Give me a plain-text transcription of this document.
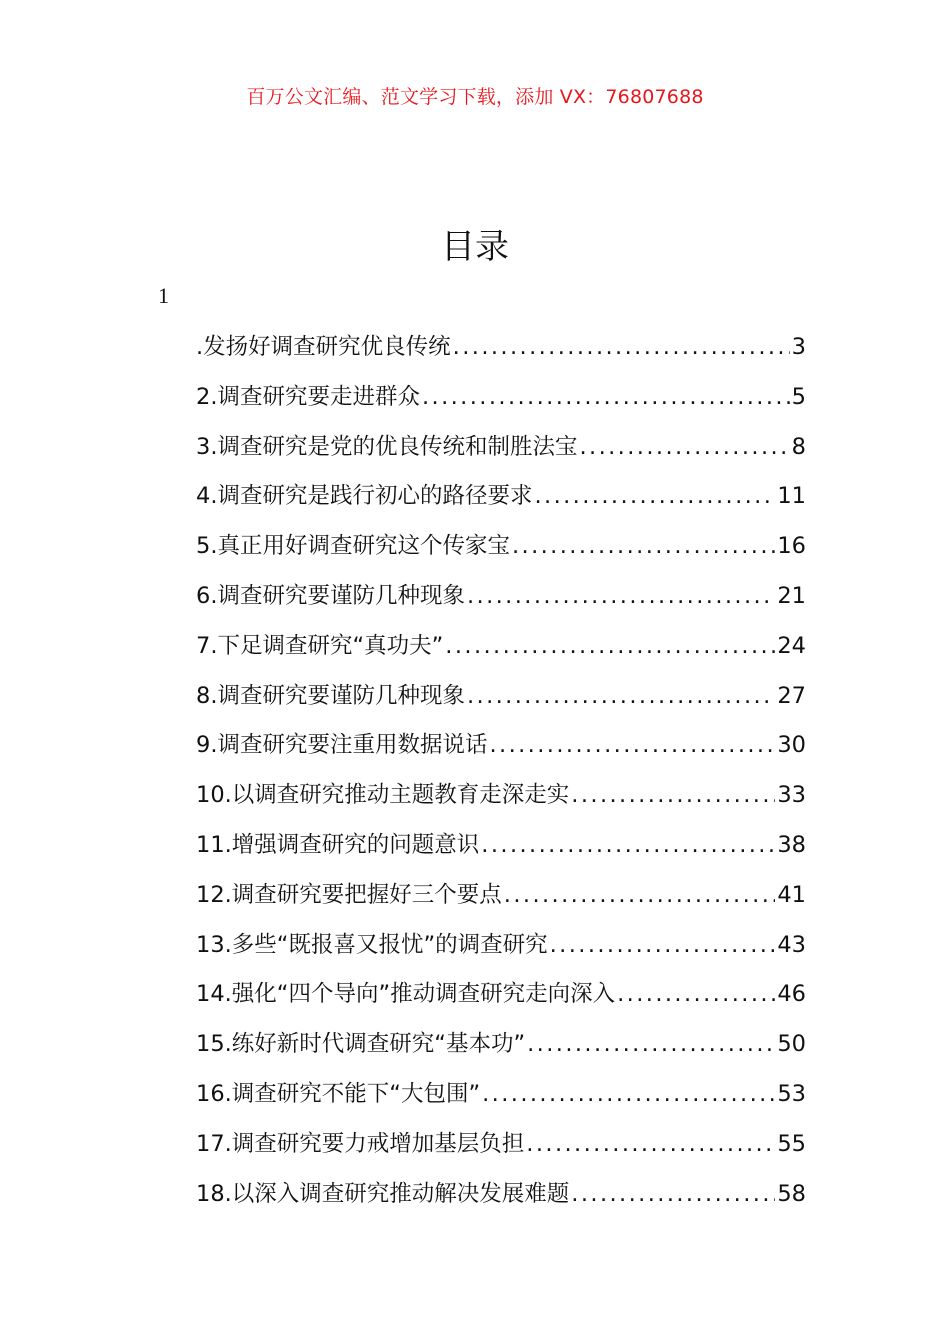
百万公文汇编、范文学习下载，添加 VX：76807688
目录
1
.发扬好调查研究优良传统 .....	3
2.调查研究要走进群众 .....	5
3.调查研究是党的优良传统和制胜法宝 .....	8
4.调查研究是践行初心的路径要求 .....	11
5.真正用好调查研究这个传家宝 .....	16
6.调查研究要谨防几种现象 .....	21
7.下足调查研究“真功夫” .....	24
8.调查研究要谨防几种现象 .....	27
9.调查研究要注重用数据说话 .....	30
10.以调查研究推动主题教育走深走实 .....	33
11.增强调查研究的问题意识 .....	38
12.调查研究要把握好三个要点 .....	41
13.多些“既报喜又报忧”的调查研究 .....	43
14.强化“四个导向”推动调查研究走向深入 .....	46
15.练好新时代调查研究“基本功” .....	50
16.调查研究不能下“大包围” .....	53
17.调查研究要力戒增加基层负担 .....	55
18.以深入调查研究推动解决发展难题 .....	58
